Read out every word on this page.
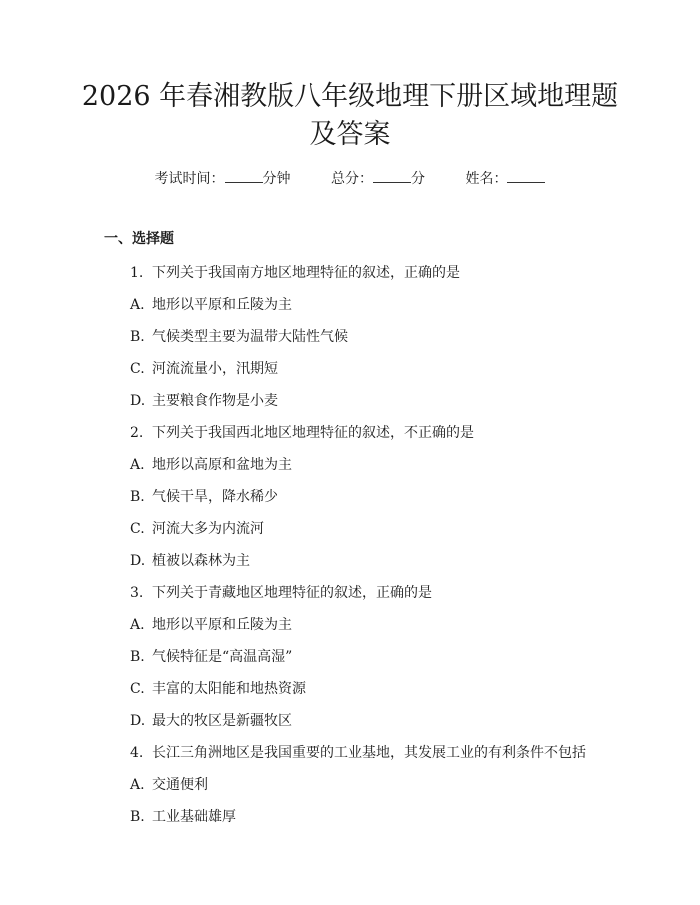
2026 年春湘教版八年级地理下册区域地理题
及答案
考试时间：	分钟	总分：	分	姓名：
一、选择题
1. 下列关于我国南方地区地理特征的叙述，正确的是
A. 地形以平原和丘陵为主
B. 气候类型主要为温带大陆性气候
C. 河流流量小，汛期短
D. 主要粮食作物是小麦
2. 下列关于我国西北地区地理特征的叙述，不正确的是
A. 地形以高原和盆地为主
B. 气候干旱，降水稀少
C. 河流大多为内流河
D. 植被以森林为主
3. 下列关于青藏地区地理特征的叙述，正确的是
A. 地形以平原和丘陵为主
B. 气候特征是“高温高湿”
C. 丰富的太阳能和地热资源
D. 最大的牧区是新疆牧区
4. 长江三角洲地区是我国重要的工业基地，其发展工业的有利条件不包括
A. 交通便利
B. 工业基础雄厚
